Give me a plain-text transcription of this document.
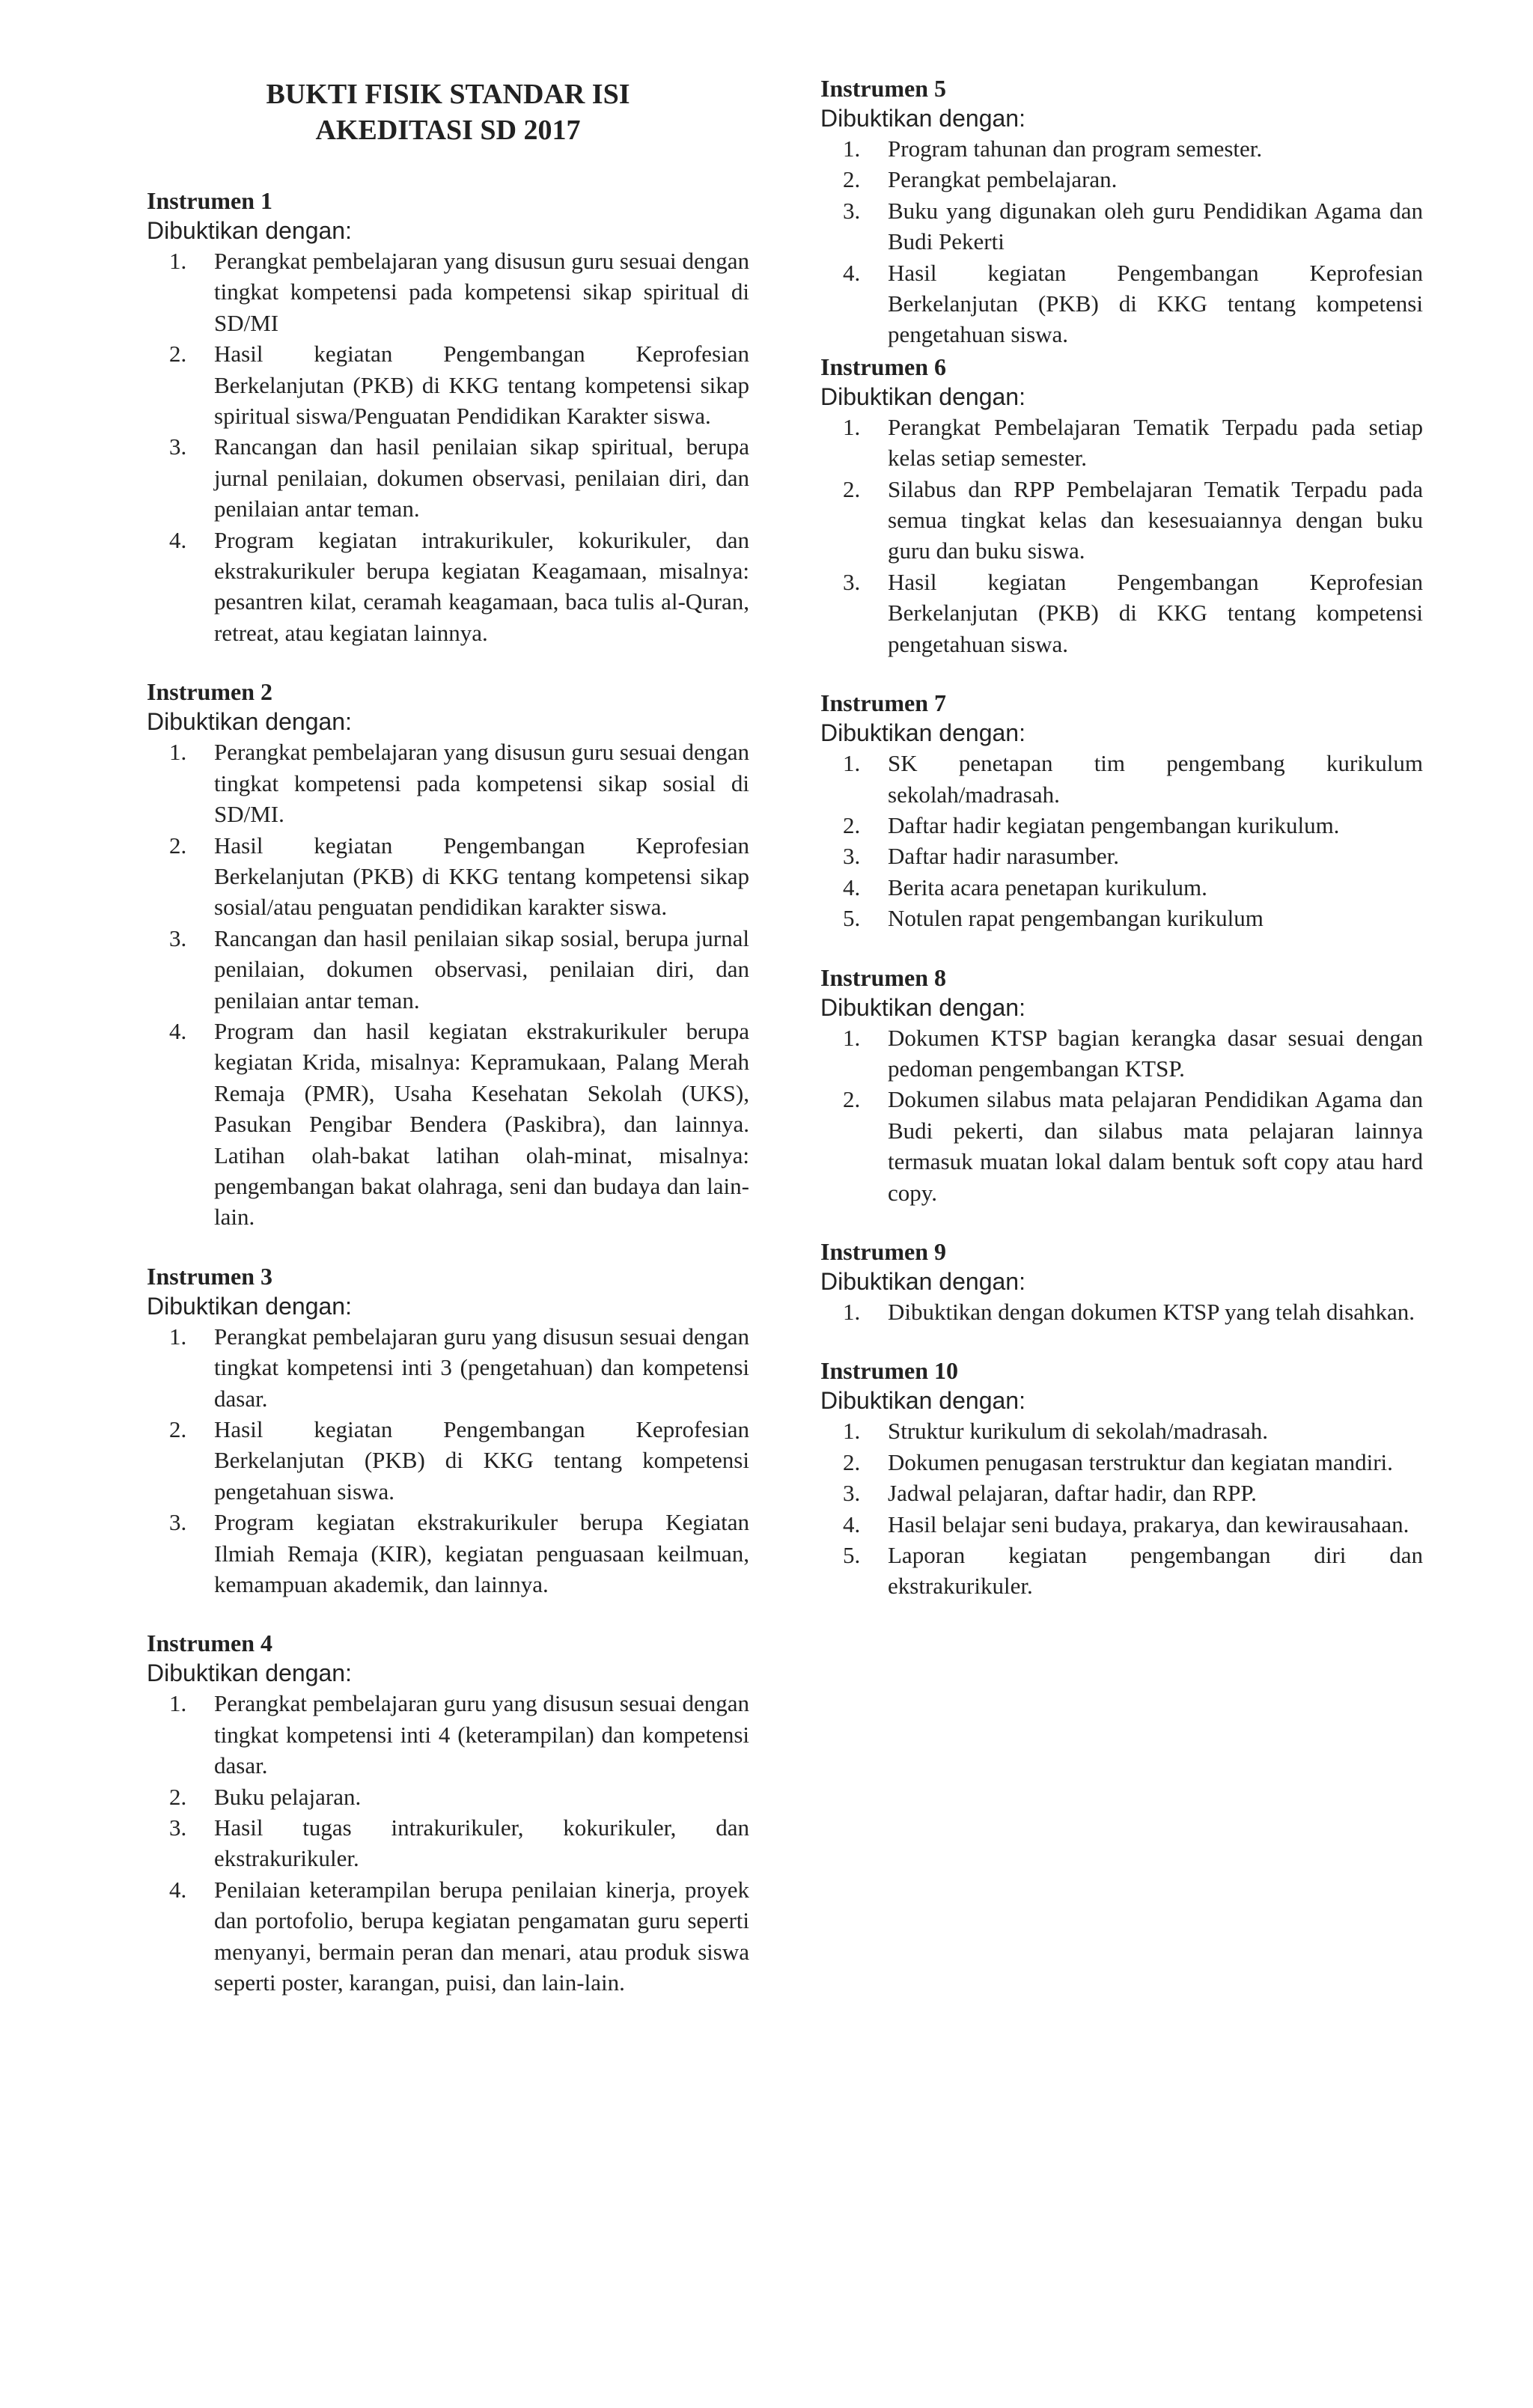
BUKTI FISIK STANDAR ISI

AKEDITASI SD 2017

Instrumen 1

Dibuktikan dengan:

1. Perangkat pembelajaran yang disusun guru sesuai dengan tingkat kompetensi pada kompetensi sikap spiritual di SD/MI
2. Hasil kegiatan Pengembangan Keprofesian Berkelanjutan (PKB) di KKG tentang kompetensi sikap spiritual siswa/Penguatan Pendidikan Karakter siswa.
3. Rancangan dan hasil penilaian sikap spiritual, berupa jurnal penilaian, dokumen observasi, penilaian diri, dan penilaian antar teman.
4. Program kegiatan intrakurikuler, kokurikuler, dan ekstrakurikuler berupa kegiatan Keagamaan, misalnya: pesantren kilat, ceramah keagamaan, baca tulis al-Quran, retreat, atau kegiatan lainnya.

Instrumen 2

Dibuktikan dengan:

1. Perangkat pembelajaran yang disusun guru sesuai dengan tingkat kompetensi pada kompetensi sikap sosial di SD/MI.
2. Hasil kegiatan Pengembangan Keprofesian Berkelanjutan (PKB) di KKG tentang kompetensi sikap sosial/atau penguatan pendidikan karakter siswa.
3. Rancangan dan hasil penilaian sikap sosial, berupa jurnal penilaian, dokumen observasi, penilaian diri, dan penilaian antar teman.
4. Program dan hasil kegiatan ekstrakurikuler berupa kegiatan Krida, misalnya: Kepramukaan, Palang Merah Remaja (PMR), Usaha Kesehatan Sekolah (UKS), Pasukan Pengibar Bendera (Paskibra), dan lainnya. Latihan olah-bakat latihan olah-minat, misalnya: pengembangan bakat olahraga, seni dan budaya dan lain-lain.

Instrumen 3

Dibuktikan dengan:

1. Perangkat pembelajaran guru yang disusun sesuai dengan tingkat kompetensi inti 3 (pengetahuan) dan kompetensi dasar.
2. Hasil kegiatan Pengembangan Keprofesian Berkelanjutan (PKB) di KKG tentang kompetensi pengetahuan siswa.
3. Program kegiatan ekstrakurikuler berupa Kegiatan Ilmiah Remaja (KIR), kegiatan penguasaan keilmuan, kemampuan akademik, dan lainnya.

Instrumen 4

Dibuktikan dengan:

1. Perangkat pembelajaran guru yang disusun sesuai dengan tingkat kompetensi inti 4 (keterampilan) dan kompetensi dasar.
2. Buku pelajaran.
3. Hasil tugas intrakurikuler, kokurikuler, dan ekstrakurikuler.
4. Penilaian keterampilan berupa penilaian kinerja, proyek dan portofolio, berupa kegiatan pengamatan guru seperti menyanyi, bermain peran dan menari, atau produk siswa seperti poster, karangan, puisi, dan lain-lain.

Instrumen 5

Dibuktikan dengan:

1. Program tahunan dan program semester.
2. Perangkat pembelajaran.
3. Buku yang digunakan oleh guru Pendidikan Agama dan Budi Pekerti
4. Hasil kegiatan Pengembangan Keprofesian Berkelanjutan (PKB) di KKG tentang kompetensi pengetahuan siswa.

Instrumen 6

Dibuktikan dengan:

1. Perangkat Pembelajaran Tematik Terpadu pada setiap kelas setiap semester.
2. Silabus dan RPP Pembelajaran Tematik Terpadu pada semua tingkat kelas dan kesesuaiannya dengan buku guru dan buku siswa.
3. Hasil kegiatan Pengembangan Keprofesian Berkelanjutan (PKB) di KKG tentang kompetensi pengetahuan siswa.

Instrumen 7

Dibuktikan dengan:

1. SK penetapan tim pengembang kurikulum sekolah/madrasah.
2. Daftar hadir kegiatan pengembangan kurikulum.
3. Daftar hadir narasumber.
4. Berita acara penetapan kurikulum.
5. Notulen rapat pengembangan kurikulum

Instrumen 8

Dibuktikan dengan:

1. Dokumen KTSP bagian kerangka dasar sesuai dengan pedoman pengembangan KTSP.
2. Dokumen silabus mata pelajaran Pendidikan Agama dan Budi pekerti, dan silabus mata pelajaran lainnya termasuk muatan lokal dalam bentuk soft copy atau hard copy.

Instrumen 9

Dibuktikan dengan:

1. Dibuktikan dengan dokumen KTSP yang telah disahkan.

Instrumen 10

Dibuktikan dengan:

1. Struktur kurikulum di sekolah/madrasah.
2. Dokumen penugasan terstruktur dan kegiatan mandiri.
3. Jadwal pelajaran, daftar hadir, dan RPP.
4. Hasil belajar seni budaya, prakarya, dan kewirausahaan.
5. Laporan kegiatan pengembangan diri dan ekstrakurikuler.
